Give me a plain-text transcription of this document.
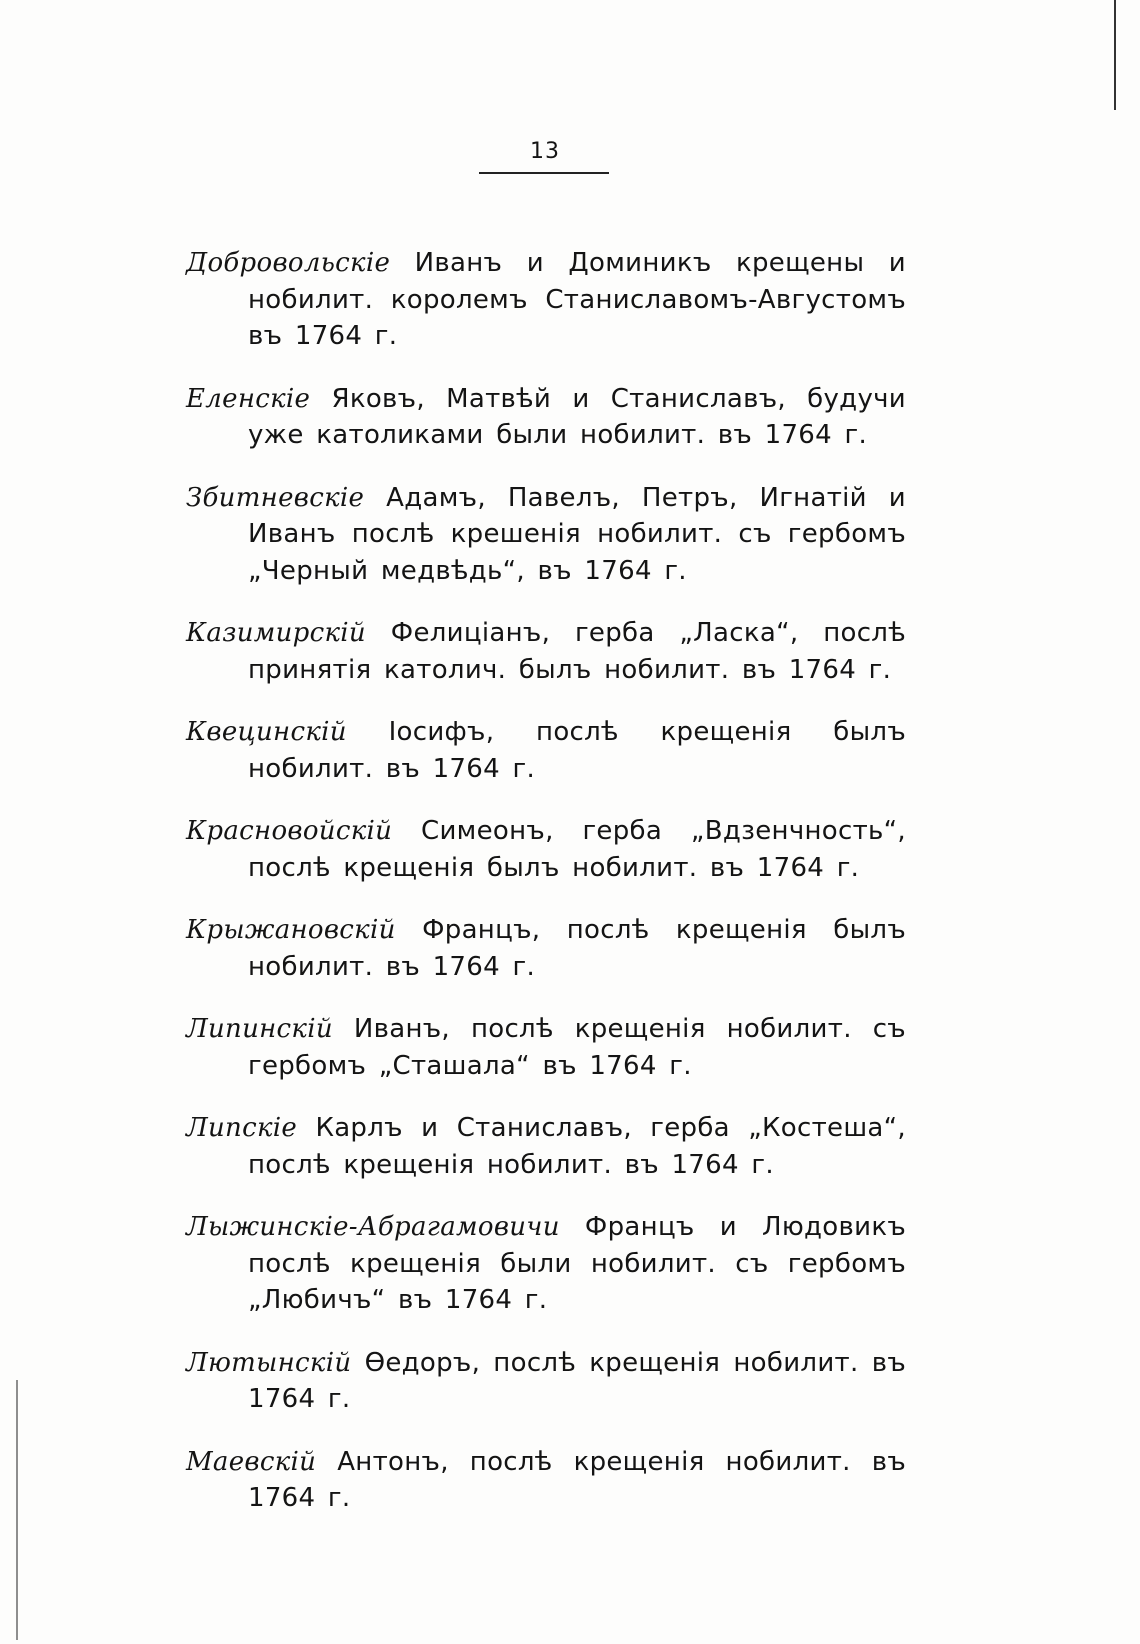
13

Добровольскіе Иванъ и Доминикъ крещены и нобилит. королемъ Станиславомъ-Августомъ въ 1764 г.

Еленскіе Яковъ, Матвѣй и Станиславъ, будучи уже католиками были нобилит. въ 1764 г.

Збитневскіе Адамъ, Павелъ, Петръ, Игнатій и Иванъ послѣ крешенія нобилит. съ гербомъ „Черный медвѣдь“, въ 1764 г.

Казимирскій Фелиціанъ, герба „Ласка“, послѣ принятія католич. былъ нобилит. въ 1764 г.

Квецинскій Іосифъ, послѣ крещенія былъ нобилит. въ 1764 г.

Красновойскій Симеонъ, герба „Вдзенчность“, послѣ крещенія былъ нобилит. въ 1764 г.

Крыжановскій Францъ, послѣ крещенія былъ нобилит. въ 1764 г.

Липинскій Иванъ, послѣ крещенія нобилит. съ гербомъ „Сташала“ въ 1764 г.

Липскіе Карлъ и Станиславъ, герба „Костеша“, послѣ крещенія нобилит. въ 1764 г.

Лыжинскіе-Абрагамовичи Францъ и Людовикъ послѣ крещенія были нобилит. съ гербомъ „Любичъ“ въ 1764 г.

Лютынскій Өедоръ, послѣ крещенія нобилит. въ 1764 г.

Маевскій Антонъ, послѣ крещенія нобилит. въ 1764 г.
